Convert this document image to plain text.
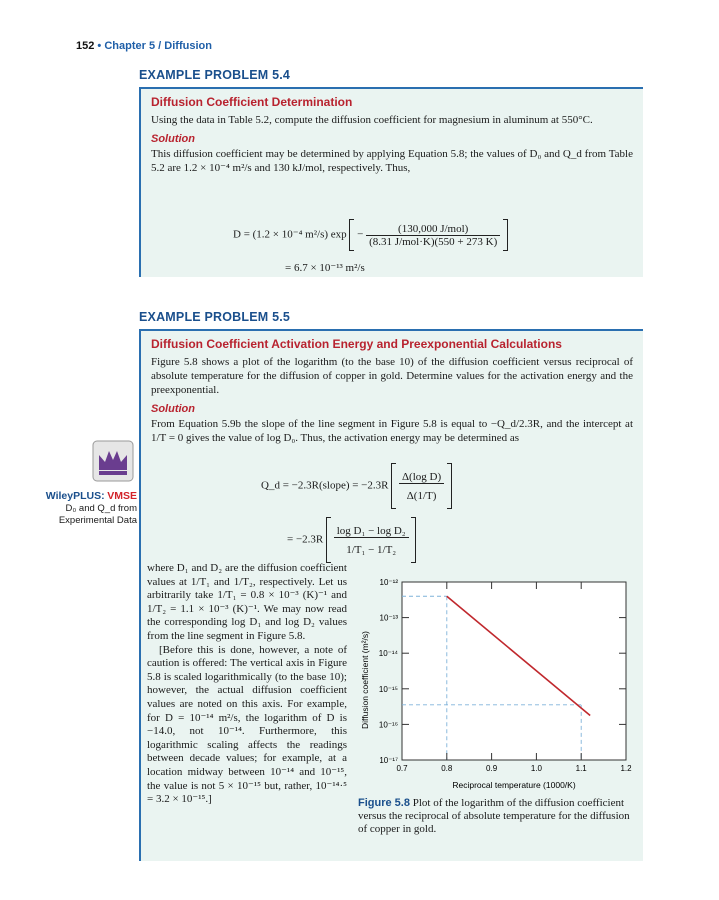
152 • Chapter 5 / Diffusion
EXAMPLE PROBLEM 5.4
Diffusion Coefficient Determination
Using the data in Table 5.2, compute the diffusion coefficient for magnesium in aluminum at 550°C.
Solution
This diffusion coefficient may be determined by applying Equation 5.8; the values of D₀ and Q_d from Table 5.2 are 1.2 × 10⁻⁴ m²/s and 130 kJ/mol, respectively. Thus,
D = (1.2 × 10⁻⁴ m²/s) $\exp - \frac{\text{(130,000 J/mol)}}{\text{(8.31 J/mol·K)(550 + 273 K)}}$

= 6.7 × 10⁻¹³ m²/s
EXAMPLE PROBLEM 5.5
Diffusion Coefficient Activation Energy and Preexponential Calculations
Figure 5.8 shows a plot of the logarithm (to the base 10) of the diffusion coefficient versus reciprocal of absolute temperature for the diffusion of copper in gold. Determine values for the activation energy and the preexponential.
Solution
From Equation 5.9b the slope of the line segment in Figure 5.8 is equal to −Q_d/2.3R, and the intercept at 1/T = 0 gives the value of log D₀. Thus, the activation energy may be determined as
Q_d = −2.3R(slope) = $-2.3R \frac{\text{Δ(log D)}}{\Delta(1/T)}$

= $-2.3R \frac{\text{log D₁ − log D₂}}{\text{1/T₁ − 1/T₂}}$

WileyPLUS: VMSE
D₀ and Q_d from
Experimental Data
where D₁ and D₂ are the diffusion coefficient values at 1/T₁ and 1/T₂, respectively. Let us arbitrarily take 1/T₁ = 0.8 × 10⁻³ (K)⁻¹ and 1/T₂ = 1.1 × 10⁻³ (K)⁻¹. We may now read the corresponding log D₁ and log D₂ values from the line segment in Figure 5.8.
[Before this is done, however, a note of caution is offered: The vertical axis in Figure 5.8 is scaled logarithmically (to the base 10); however, the actual diffusion coefficient values are noted on this axis. For example, for D = 10⁻¹⁴ m²/s, the logarithm of D is −14.0, not 10⁻¹⁴. Furthermore, this logarithmic scaling affects the readings between decade values; for example, at a location midway between 10⁻¹⁴ and 10⁻¹⁵, the value is not 5 × 10⁻¹⁵ but, rather, 10⁻¹⁴·⁵ = 3.2 × 10⁻¹⁵.]
Diffusion coefficient (m²/s)
Reciprocal temperature (1000/K)
10⁻¹²
10⁻¹³
10⁻¹⁴
10⁻¹⁵
10⁻¹⁶
10⁻¹⁷
0.7	0.8	0.9	1.0	1.1	1.2
Figure 5.8 Plot of the logarithm of the diffusion coefficient versus the reciprocal of absolute temperature for the diffusion of copper in gold.
